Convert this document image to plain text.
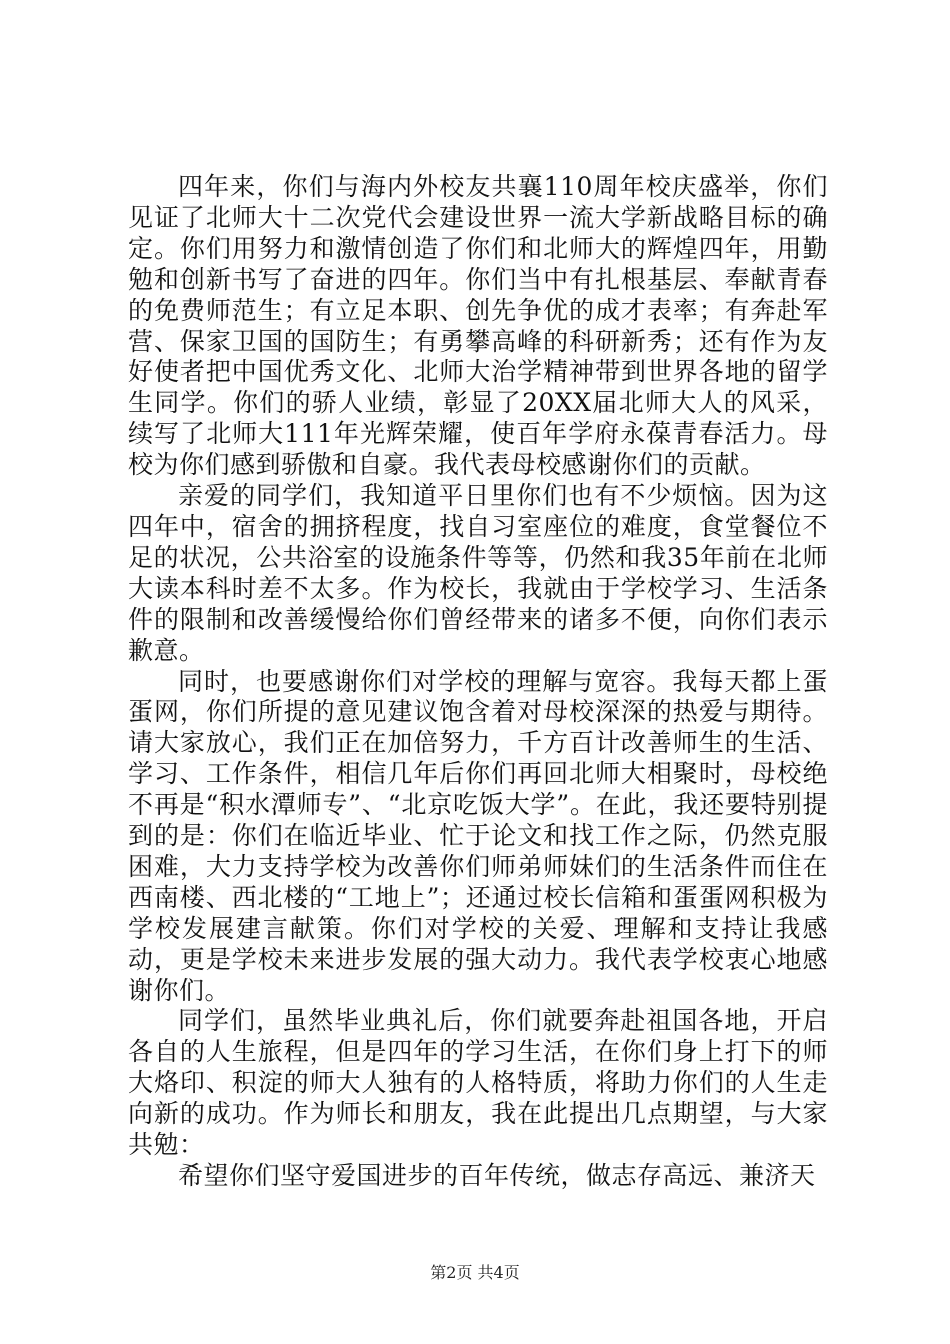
四年来，你们与海内外校友共襄110周年校庆盛举，你们见证了北师大十二次党代会建设世界一流大学新战略目标的确定。你们用努力和激情创造了你们和北师大的辉煌四年，用勤勉和创新书写了奋进的四年。你们当中有扎根基层、奉献青春的免费师范生；有立足本职、创先争优的成才表率；有奔赴军营、保家卫国的国防生；有勇攀高峰的科研新秀；还有作为友好使者把中国优秀文化、北师大治学精神带到世界各地的留学生同学。你们的骄人业绩，彰显了20XX届北师大人的风采，续写了北师大111年光辉荣耀，使百年学府永葆青春活力。母校为你们感到骄傲和自豪。我代表母校感谢你们的贡献。

亲爱的同学们，我知道平日里你们也有不少烦恼。因为这四年中，宿舍的拥挤程度，找自习室座位的难度，食堂餐位不足的状况，公共浴室的设施条件等等，仍然和我35年前在北师大读本科时差不太多。作为校长，我就由于学校学习、生活条件的限制和改善缓慢给你们曾经带来的诸多不便，向你们表示歉意。

同时，也要感谢你们对学校的理解与宽容。我每天都上蛋蛋网，你们所提的意见建议饱含着对母校深深的热爱与期待。请大家放心，我们正在加倍努力，千方百计改善师生的生活、学习、工作条件，相信几年后你们再回北师大相聚时，母校绝不再是“积水潭师专”、“北京吃饭大学”。在此，我还要特别提到的是：你们在临近毕业、忙于论文和找工作之际，仍然克服困难，大力支持学校为改善你们师弟师妹们的生活条件而住在西南楼、西北楼的“工地上”；还通过校长信箱和蛋蛋网积极为学校发展建言献策。你们对学校的关爱、理解和支持让我感动，更是学校未来进步发展的强大动力。我代表学校衷心地感谢你们。

同学们，虽然毕业典礼后，你们就要奔赴祖国各地，开启各自的人生旅程，但是四年的学习生活，在你们身上打下的师大烙印、积淀的师大人独有的人格特质，将助力你们的人生走向新的成功。作为师长和朋友，我在此提出几点期望，与大家共勉：

希望你们坚守爱国进步的百年传统，做志存高远、兼济天

第2页 共4页
